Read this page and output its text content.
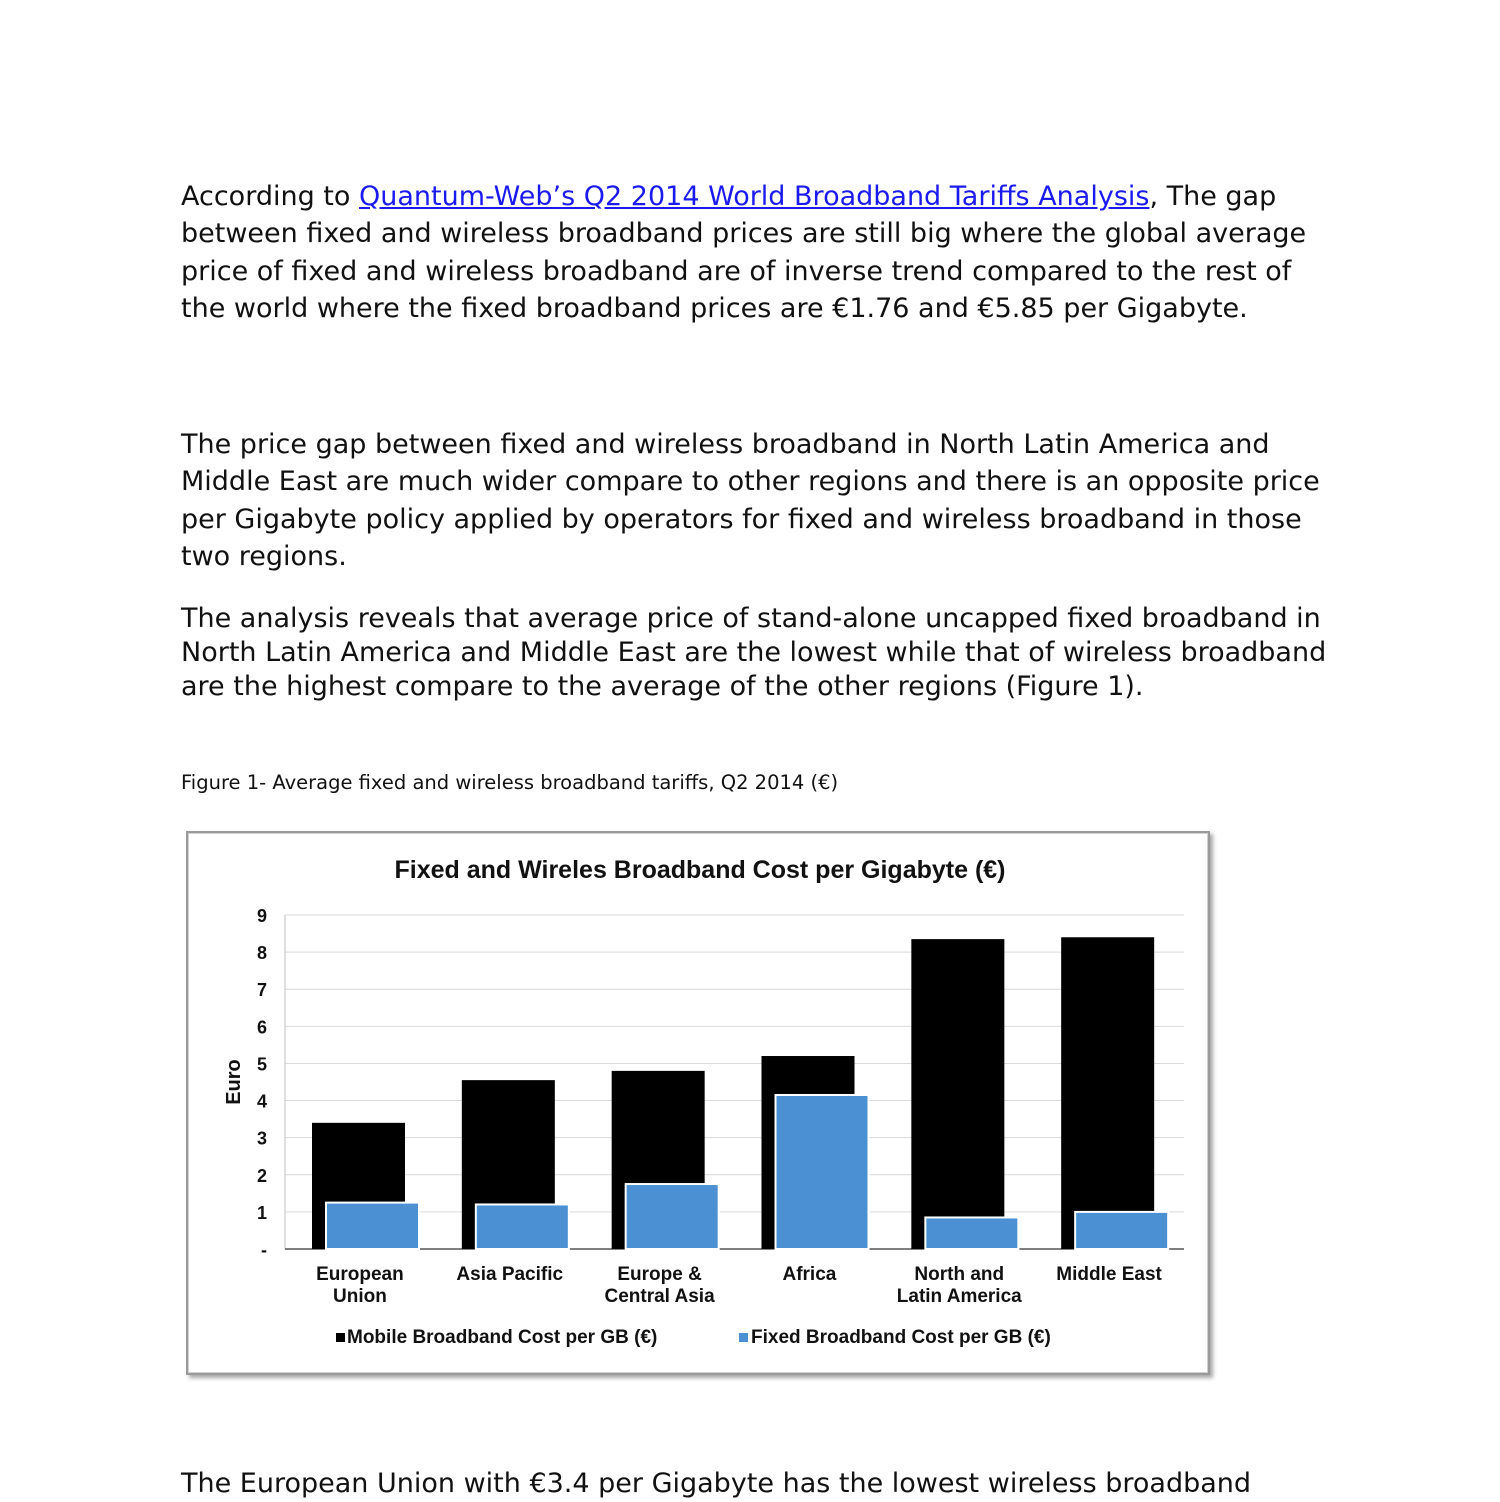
According to Quantum-Web’s Q2 2014 World Broadband Tariffs Analysis, The gap between fixed and wireless broadband prices are still big where the global average price of fixed and wireless broadband are of inverse trend compared to the rest of the world where the fixed broadband prices are €1.76 and €5.85 per Gigabyte.

The price gap between fixed and wireless broadband in North Latin America and Middle East are much wider compare to other regions and there is an opposite price per Gigabyte policy applied by operators for fixed and wireless broadband in those two regions.

The analysis reveals that average price of stand-alone uncapped fixed broadband in North Latin America and Middle East are the lowest while that of wireless broadband are the highest compare to the average of the other regions (Figure 1).

Figure 1- Average fixed and wireless broadband tariffs, Q2 2014 (€)

Fixed and Wireles Broadband Cost per Gigabyte (€)
-
1
2
3
4
5
6
7
8
9
Euro
European
Union
Asia Pacific	Europe &
Central Asia
Africa	North and
Latin America
Middle East
Mobile Broadband Cost per GB (€)	Fixed Broadband Cost per GB (€)

The European Union with €3.4 per Gigabyte has the lowest wireless broadband
